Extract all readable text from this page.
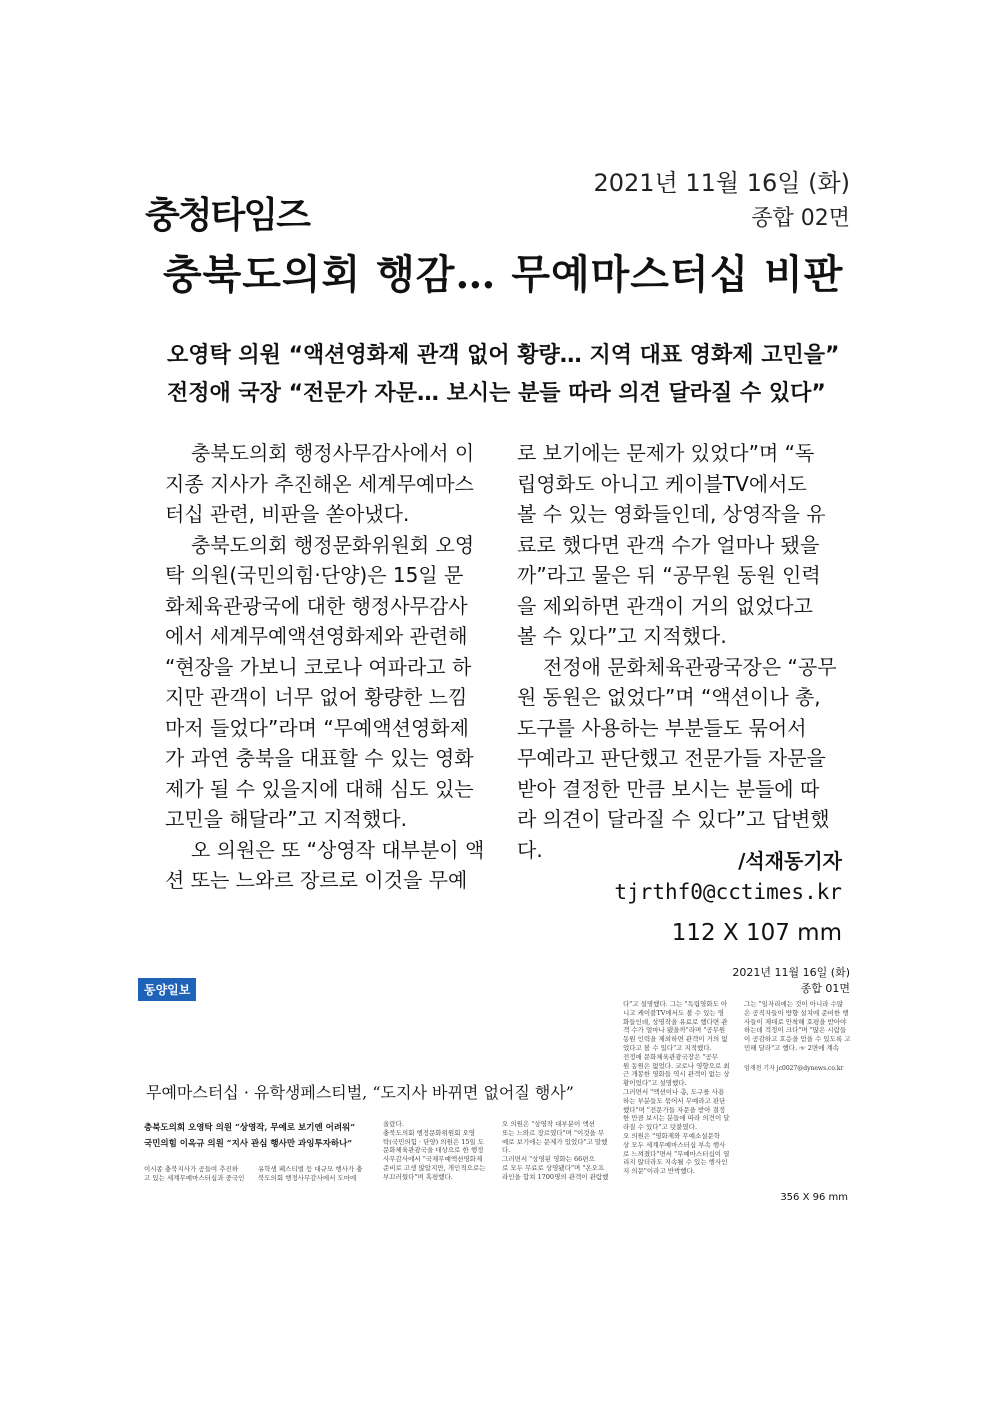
2021년 11월 16일 (화)
충청타임즈	종합 02면
충북도의회 행감… 무예마스터십 비판
오영탁 의원 “액션영화제 관객 없어 황량… 지역 대표 영화제 고민을”
전정애 국장 “전문가 자문… 보시는 분들 따라 의견 달라질 수 있다”
충북도의회 행정사무감사에서 이
지종 지사가 추진해온 세계무예마스
터십 관련, 비판을 쏟아냈다.
충북도의회 행정문화위원회 오영
탁 의원(국민의힘·단양)은 15일 문
화체육관광국에 대한 행정사무감사
에서 세계무예액션영화제와 관련해
“현장을 가보니 코로나 여파라고 하
지만 관객이 너무 없어 황량한 느낌
마저 들었다”라며 “무예액션영화제
가 과연 충북을 대표할 수 있는 영화
제가 될 수 있을지에 대해 심도 있는
고민을 해달라”고 지적했다.
오 의원은 또 “상영작 대부분이 액
션 또는 느와르 장르로 이것을 무예
로 보기에는 문제가 있었다”며 “독
립영화도 아니고 케이블TV에서도
볼 수 있는 영화들인데, 상영작을 유
료로 했다면 관객 수가 얼마나 됐을
까”라고 물은 뒤 “공무원 동원 인력
을 제외하면 관객이 거의 없었다고
볼 수 있다”고 지적했다.
전정애 문화체육관광국장은 “공무
원 동원은 없었다”며 “액션이나 총,
도구를 사용하는 부분들도 묶어서
무예라고 판단했고 전문가들 자문을
받아 결정한 만큼 보시는 분들에 따
라 의견이 달라질 수 있다”고 답변했
다.	/석재동기자
tjrthf0@cctimes.kr
112 X 107 mm
동양일보
2021년 11월 16일 (화)
종합 01면
무예마스터십 · 유학생페스티벌, “도지사 바뀌면 없어질 행사”
충북도의회 오영탁 의원 “상영작, 무예로 보기엔 어려워”
국민의힘 이옥규 의원 “지사 관심 행사만 과잉투자하나”
이시종 충북지사가 공들여 추진하
고 있는 세계무예마스터십과 중국인
유학생 페스티벌 등 대규모 행사가 충
북도의회 행정사무감사에서 도마에
올랐다.
충북도의회 행정문화위원회 오영
탁(국민의힘 · 단양) 의원은 15일 도
문화체육관광국을 대상으로 한 행정
사무감사에서 "국제무예액션영화제
준비로 고생 많았지만, 개인적으로는
부끄러웠다"며 혹평했다.
오 의원은 "상영작 대부분이 액션
또는 느와르 장르였다"며 "이것을 무
예로 보기에는 문제가 있었다"고 말했
다.
그러면서 "상영된 영화는 66편으
로 모두 무료로 상영됐다"며 "온오프
라인을 합쳐 1700명의 관객이 관람했
다"고 설명했다. 그는 "독립영화도 아
니고 케이블TV에서도 볼 수 있는 영
화들인데, 상영작을 유료로 했다면 관
객 수가 얼마나 됐을까"라며 "공무원
동원 인력을 제외하면 관객이 거의 없
었다고 볼 수 있다"고 지적했다.
전정애 문화체육관광국장은 "공무
원 동원은 없었다. 코로나 영향으로 최
근 개봉한 영화들 역시 관객이 없는 상
황이었다"고 설명했다.
그러면서 "액션이나 총, 도구를 사용
하는 부분들도 묶어서 무예라고 판단
했다"며 "전문가들 자문을 받아 결정
한 만큼 보시는 분들에 따라 의견이 달
라질 수 있다"고 덧붙였다.
오 의원은 "영화제와 무예소설문학
상 모두 세계무예마스터십 부속 행사
로 느껴졌다"면서 "무예마스터십이 열
리지 않더라도 지속될 수 있는 행사인
지 의문"이라고 반박했다.
그는 "일자리에는 것이 아니라 수많
은 공직자들이 방향 설치에 준비한 행
사들이 제대로 안착해 호평을 받아야
하는데 걱정이 크다"며 "많은 시람들
이 공감하고 호응을 얻을 수 있도록 고
민해 달라"고 했다. ☞ 2면에 계속
엄재천 기자 jc0027@dynews.co.kr
356 X 96 mm
